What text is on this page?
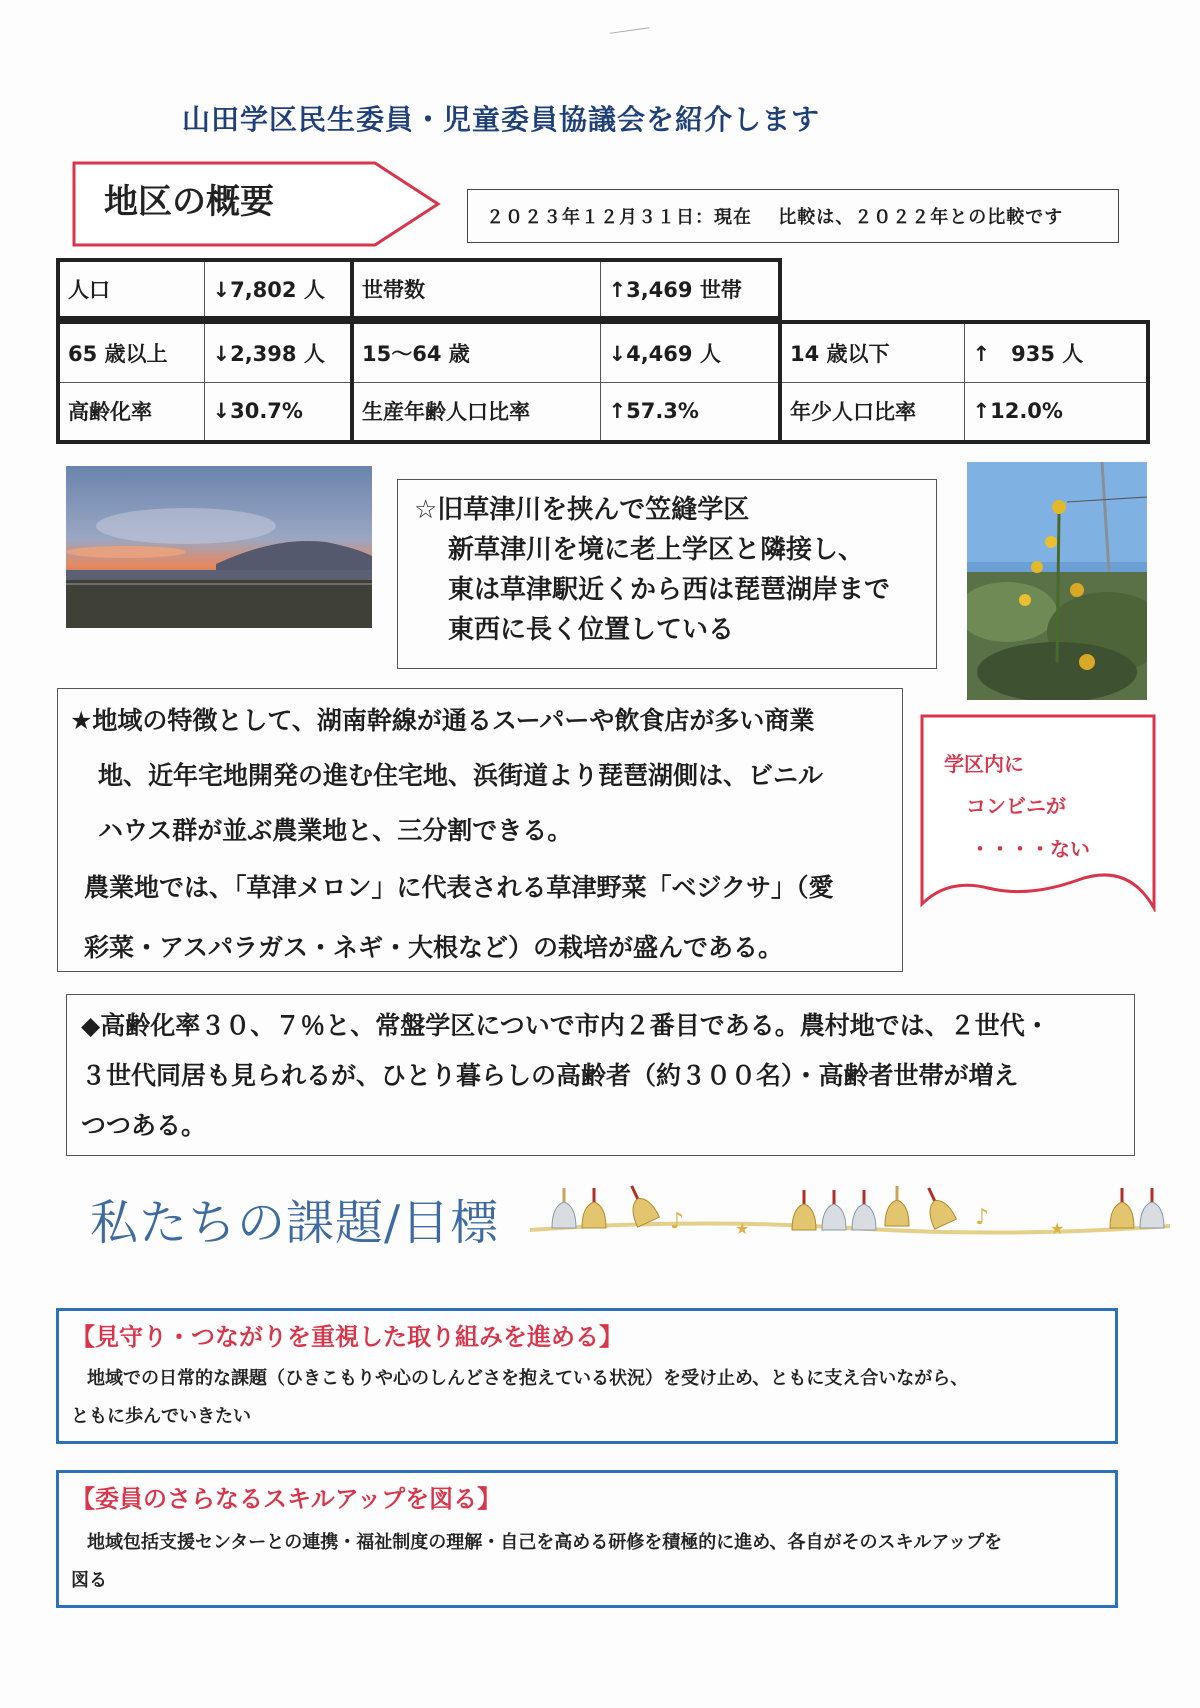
山田学区民生委員・児童委員協議会を紹介します
地区の概要	２０２３年１２月３１日：現在　 比較は、２０２２年との比較です
人口	↓7,802 人	世帯数	↑3,469 世帯
65 歳以上	↓2,398 人	15～64 歳	↓4,469 人	14 歳以下	↑　935 人
高齢化率	↓30.7%	生産年齢人口比率	↑57.3%	年少人口比率	↑12.0%
☆旧草津川を挟んで笠縫学区
新草津川を境に老上学区と隣接し、
東は草津駅近くから西は琵琶湖岸まで
東西に長く位置している

★地域の特徴として、湖南幹線が通るスーパーや飲食店が多い商業

地、近年宅地開発の進む住宅地、浜街道より琵琶湖側は、ビニル

ハウス群が並ぶ農業地と、三分割できる。

農業地では、「草津メロン」に代表される草津野菜「ベジクサ」（愛

彩菜・アスパラガス・ネギ・大根など）の栽培が盛んである。

学区内に
コンビニが
・・・・ない
◆高齢化率３０、７％と、常盤学区についで市内２番目である。農村地では、２世代・
３世代同居も見られるが、ひとり暮らしの高齢者（約３００名）・高齢者世帯が増え
つつある。
私たちの課題/目標	♪	★	♪	★
【見守り・つながりを重視した取り組みを進める】
地域での日常的な課題（ひきこもりや心のしんどさを抱えている状況）を受け止め、ともに支え合いながら、
ともに歩んでいきたい
【委員のさらなるスキルアップを図る】
地域包括支援センターとの連携・福祉制度の理解・自己を高める研修を積極的に進め、各自がそのスキルアップを
図る
